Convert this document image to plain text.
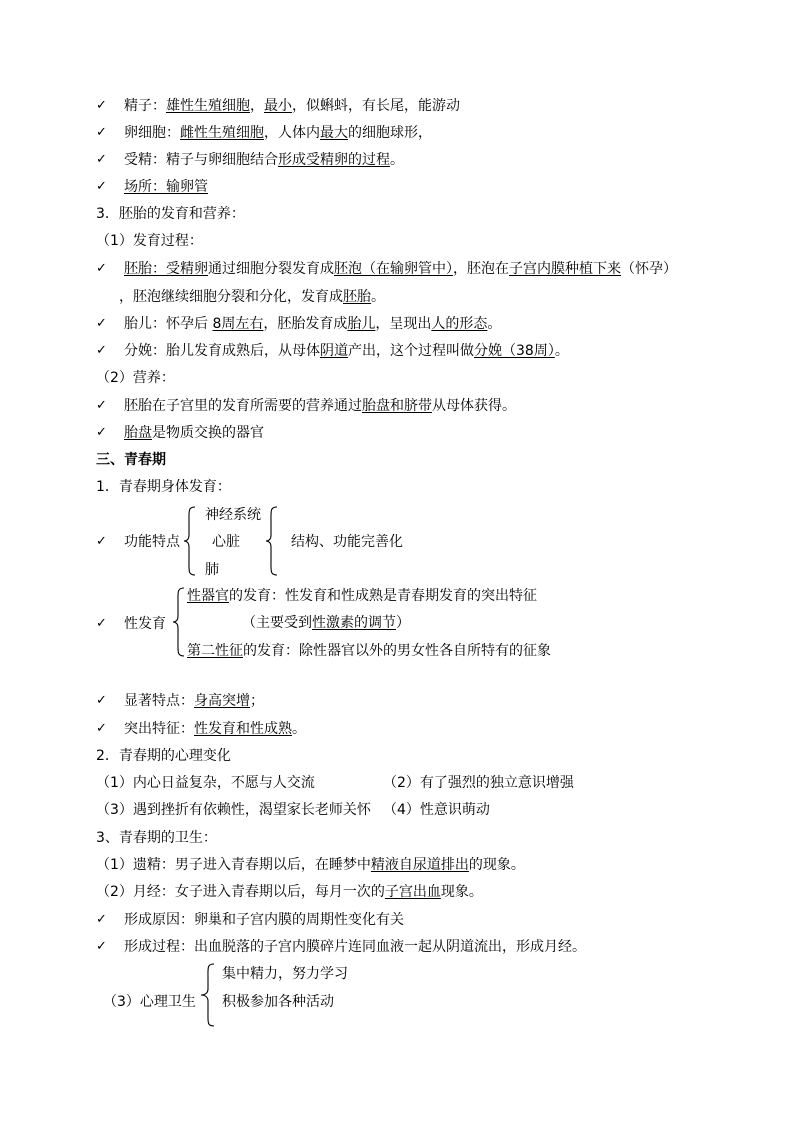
✓
✓
✓
✓
✓
✓
✓
✓
✓
✓
✓
✓
✓
✓
✓
精子：雄性生殖细胞，最小，似蝌蚪，有长尾，能游动
卵细胞：雌性生殖细胞，人体内最大的细胞球形，
受精：精子与卵细胞结合形成受精卵的过程。
场所：输卵管
3．胚胎的发育和营养：
（1）发育过程：
胚胎：受精卵通过细胞分裂发育成胚泡（在输卵管中），胚泡在子宫内膜种植下来（怀孕）
，胚泡继续细胞分裂和分化，发育成胚胎。
胎儿：怀孕后 8周左右，胚胎发育成胎儿，呈现出人的形态。
分娩：胎儿发育成熟后，从母体阴道产出，这个过程叫做分娩（38周）。
（2）营养：
胚胎在子宫里的发育所需要的营养通过胎盘和脐带从母体获得。
胎盘是物质交换的器官
三、青春期
1．青春期身体发育：
功能特点
神经系统
心脏
肺
结构、功能完善化
性发育
性器官的发育：性发育和性成熟是青春期发育的突出特征
（主要受到性激素的调节）
第二性征的发育：除性器官以外的男女性各自所特有的征象
显著特点：身高突增；
突出特征：性发育和性成熟。
2．青春期的心理变化
（1）内心日益复杂，不愿与人交流	（2）有了强烈的独立意识增强
（3）遇到挫折有依赖性，渴望家长老师关怀 （4）性意识萌动
3、青春期的卫生：
（1）遗精：男子进入青春期以后，在睡梦中精液自尿道排出的现象。
（2）月经：女子进入青春期以后，每月一次的子宫出血现象。
形成原因：卵巢和子宫内膜的周期性变化有关
形成过程：出血脱落的子宫内膜碎片连同血液一起从阴道流出，形成月经。
（3）心理卫生
集中精力，努力学习
积极参加各种活动
